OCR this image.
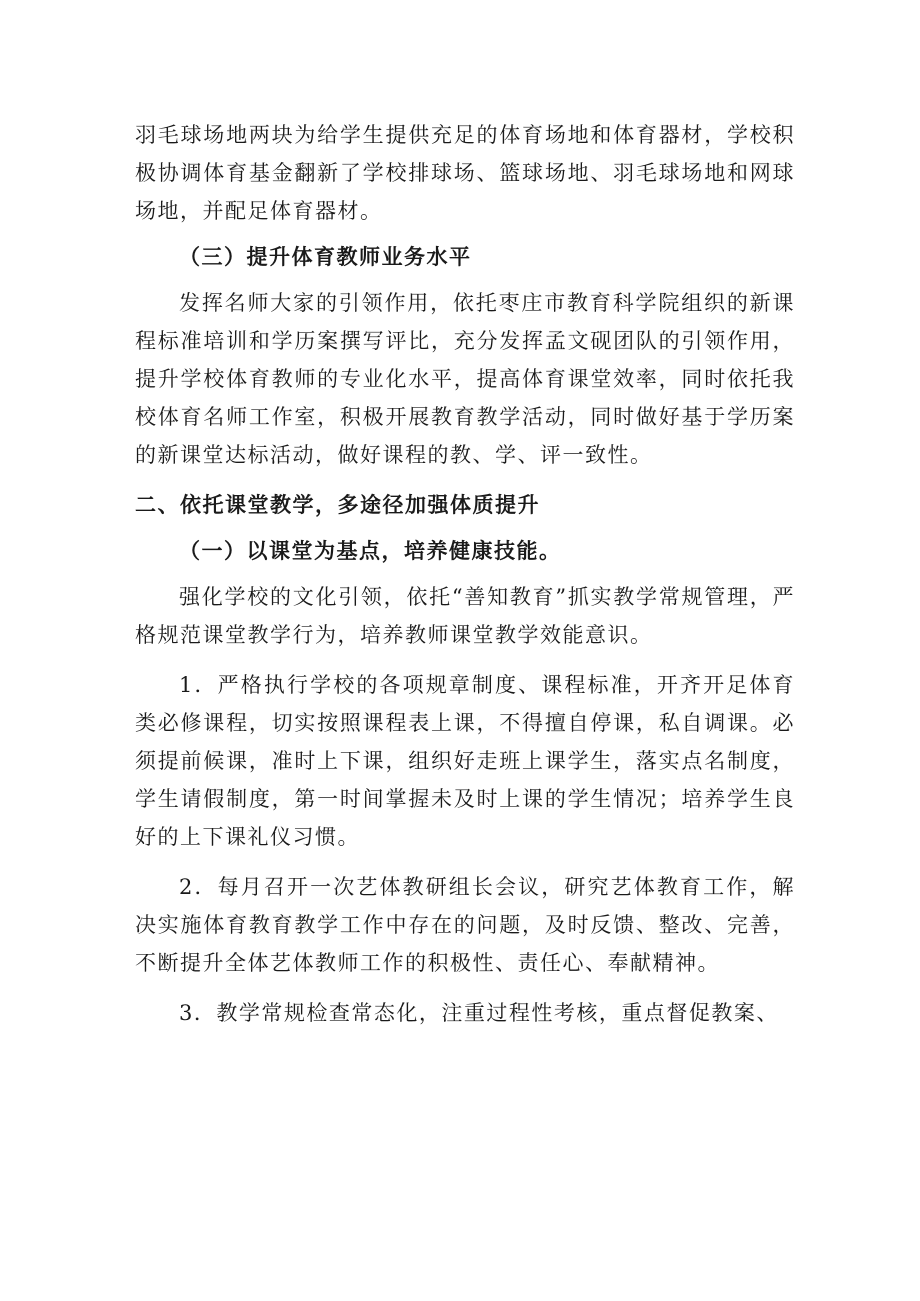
羽毛球场地两块为给学生提供充足的体育场地和体育器材，学校积极协调体育基金翻新了学校排球场、篮球场地、羽毛球场地和网球场地，并配足体育器材。

（三）提升体育教师业务水平

发挥名师大家的引领作用，依托枣庄市教育科学院组织的新课程标准培训和学历案撰写评比，充分发挥孟文砚团队的引领作用，提升学校体育教师的专业化水平，提高体育课堂效率，同时依托我校体育名师工作室，积极开展教育教学活动，同时做好基于学历案的新课堂达标活动，做好课程的教、学、评一致性。

二、依托课堂教学，多途径加强体质提升

（一）以课堂为基点，培养健康技能。

强化学校的文化引领，依托“善知教育”抓实教学常规管理，严格规范课堂教学行为，培养教师课堂教学效能意识。

1．严格执行学校的各项规章制度、课程标准，开齐开足体育类必修课程，切实按照课程表上课，不得擅自停课，私自调课。必须提前候课，准时上下课，组织好走班上课学生，落实点名制度，学生请假制度，第一时间掌握未及时上课的学生情况；培养学生良好的上下课礼仪习惯。

2．每月召开一次艺体教研组长会议，研究艺体教育工作，解决实施体育教育教学工作中存在的问题，及时反馈、整改、完善，不断提升全体艺体教师工作的积极性、责任心、奉献精神。

3．教学常规检查常态化，注重过程性考核，重点督促教案、
